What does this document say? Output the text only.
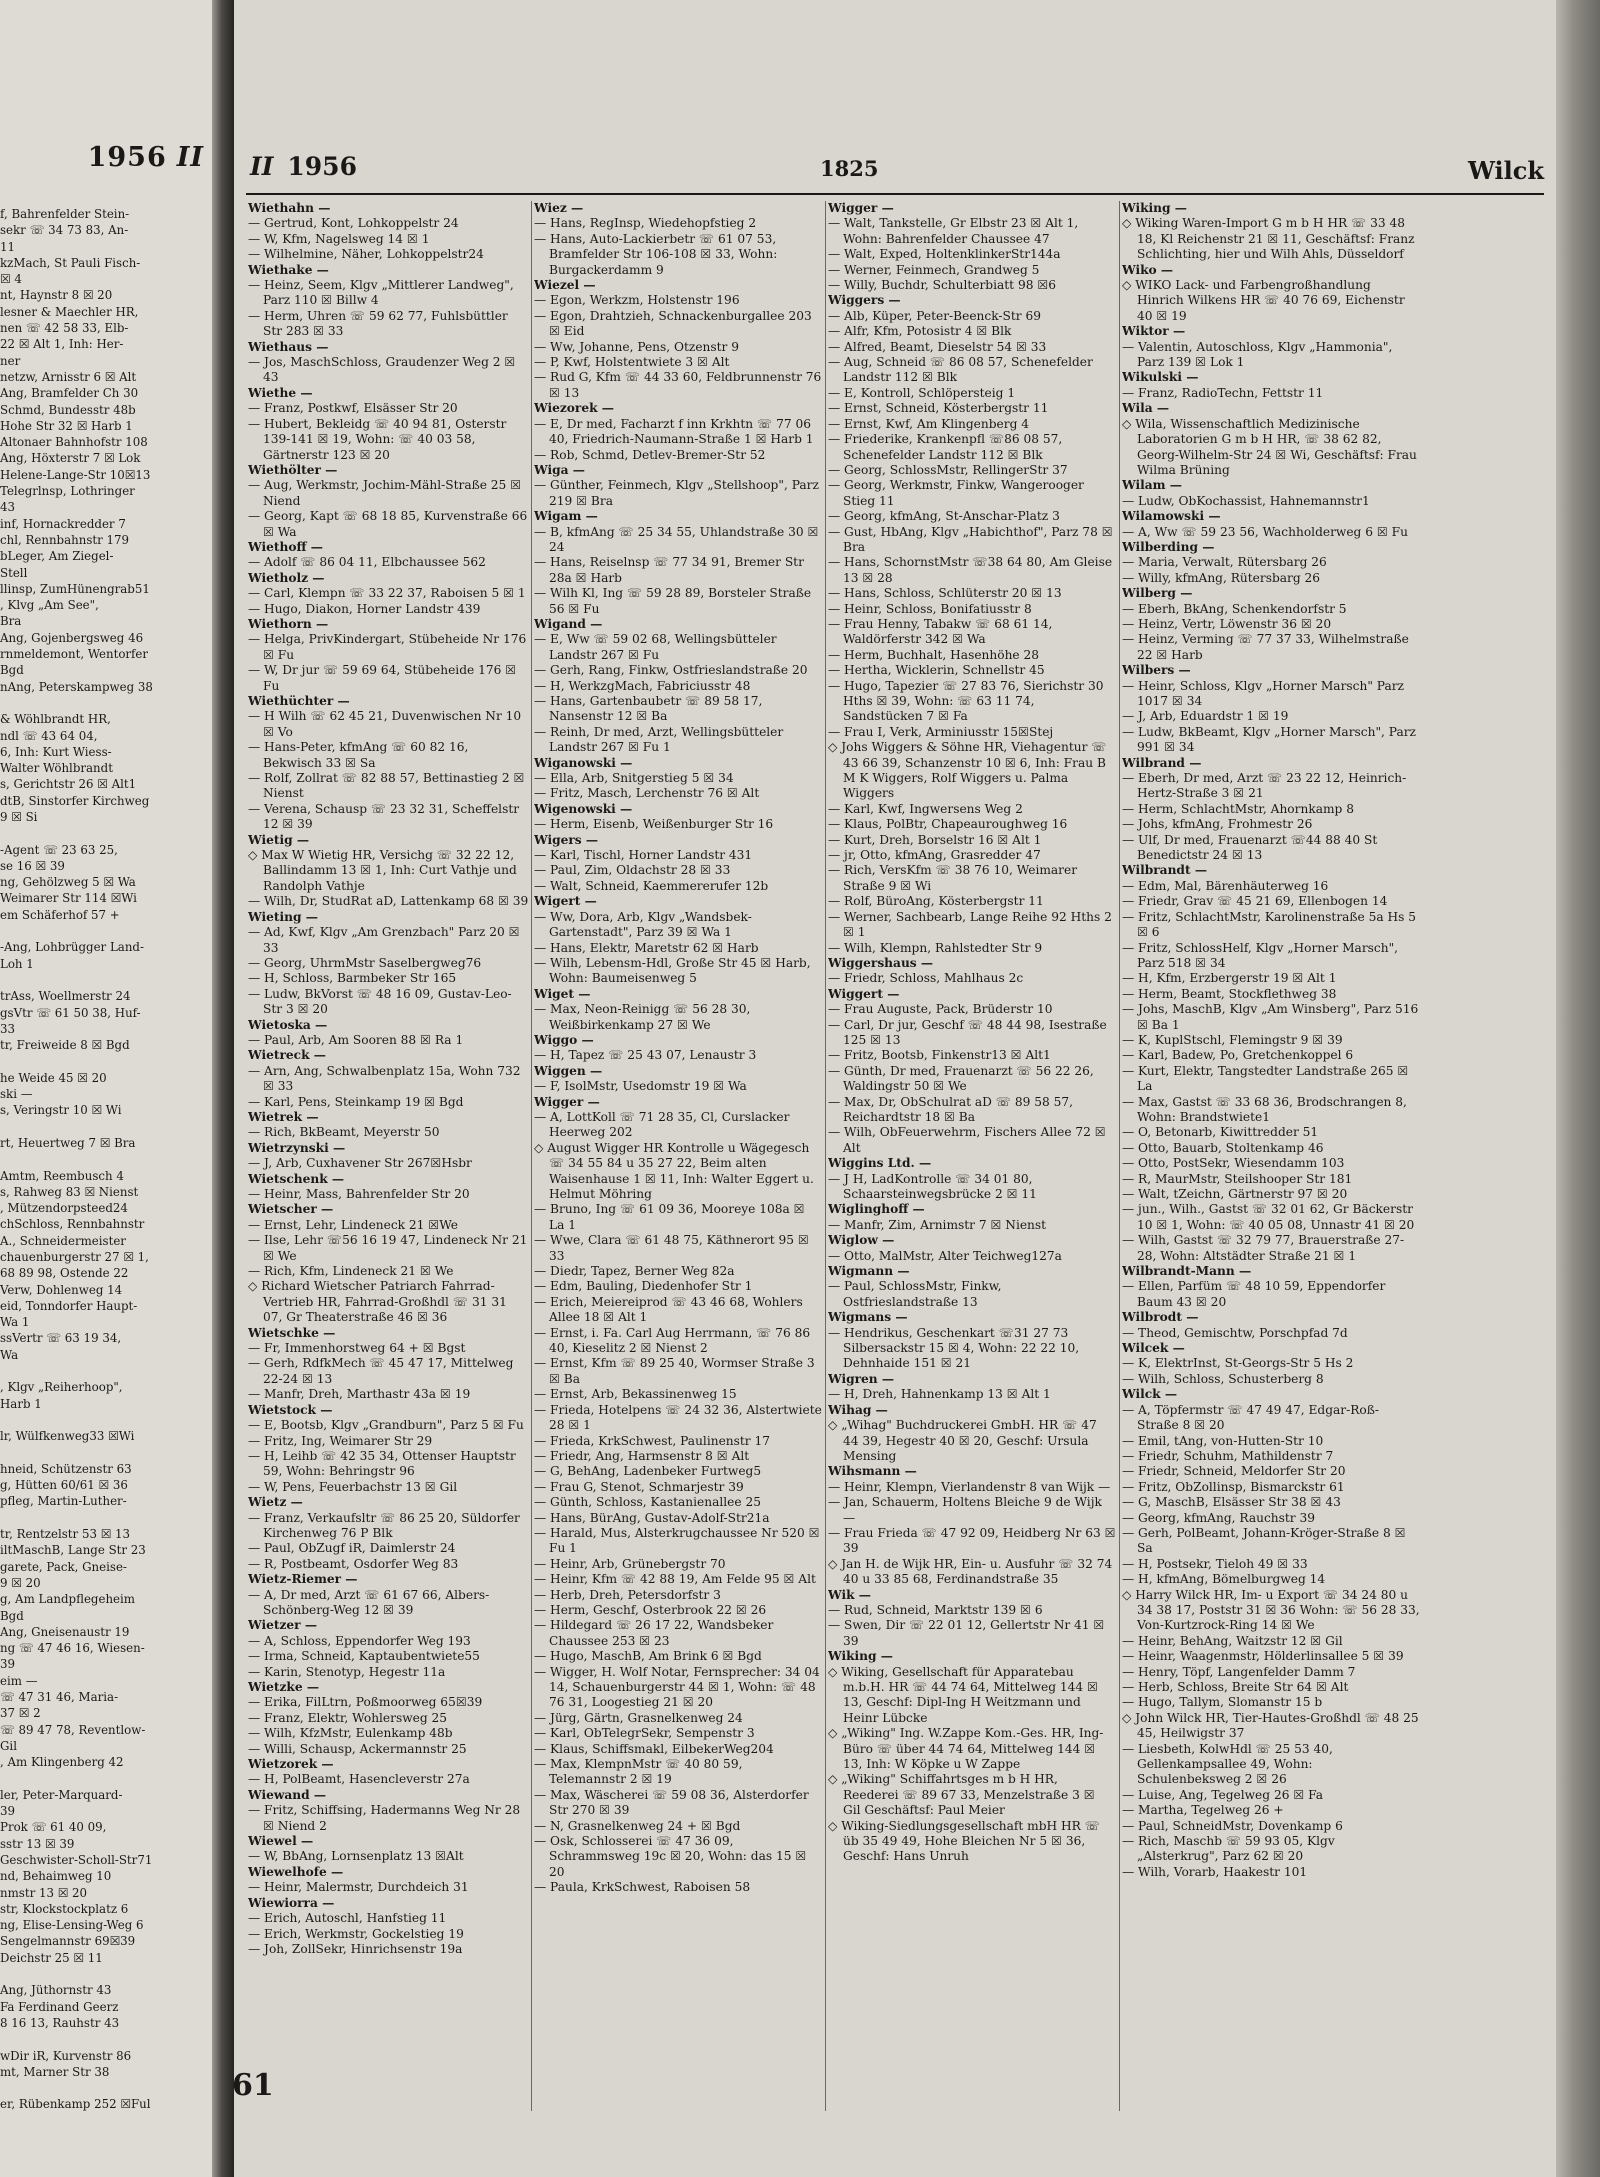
1956 II
f, Bahrenfelder Stein-
sekr ☏ 34 73 83, An-
11
kzMach, St Pauli Fisch-
☒ 4
nt, Haynstr 8 ☒ 20
lesner & Maechler HR,
nen ☏ 42 58 33, Elb-
22 ☒ Alt 1, Inh: Her-
ner
netzw, Arnisstr 6 ☒ Alt
Ang, Bramfelder Ch 30
Schmd, Bundesstr 48b
Hohe Str 32 ☒ Harb 1
Altonaer Bahnhofstr 108
Ang, Höxterstr 7 ☒ Lok
Helene-Lange-Str 10☒13
Telegrlnsp, Lothringer
43
inf, Hornackredder 7
chl, Rennbahnstr 179
bLeger, Am Ziegel-
Stell
llinsp, ZumHünengrab51
, Klvg „Am See",
Bra
Ang, Gojenbergsweg 46
rnmeldemont, Wentorfer
Bgd
nAng, Peterskampweg 38

& Wöhlbrandt HR,
ndl ☏ 43 64 04,
6, Inh: Kurt Wiess-
Walter Wöhlbrandt
s, Gerichtstr 26 ☒ Alt1
dtB, Sinstorfer Kirchweg
9 ☒ Si

-Agent ☏ 23 63 25,
se 16 ☒ 39
ng, Gehölzweg 5 ☒ Wa
Weimarer Str 114 ☒Wi
em Schäferhof 57 +

-Ang, Lohbrügger Land-
Loh 1

trAss, Woellmerstr 24
gsVtr ☏ 61 50 38, Huf-
33
tr, Freiweide 8 ☒ Bgd

he Weide 45 ☒ 20
ski —
s, Veringstr 10 ☒ Wi

rt, Heuertweg 7 ☒ Bra

Amtm, Reembusch 4
s, Rahweg 83 ☒ Nienst
, Mützendorpsteed24
chSchloss, Rennbahnstr
A., Schneidermeister
chauenburgerstr 27 ☒ 1,
68 89 98, Ostende 22
Verw, Dohlenweg 14
eid, Tonndorfer Haupt-
Wa 1
ssVertr ☏ 63 19 34,
Wa

, Klgv „Reiherhoop",
Harb 1

lr, Wülfkenweg33 ☒Wi

hneid, Schützenstr 63
g, Hütten 60/61 ☒ 36
pfleg, Martin-Luther-

tr, Rentzelstr 53 ☒ 13
iltMaschB, Lange Str 23
garete, Pack, Gneise-
9 ☒ 20
g, Am Landpflegeheim
Bgd
Ang, Gneisenaustr 19
ng ☏ 47 46 16, Wiesen-
39
eim —
☏ 47 31 46, Maria-
37 ☒ 2
☏ 89 47 78, Reventlow-
Gil
, Am Klingenberg 42

ler, Peter-Marquard-
39
Prok ☏ 61 40 09,
sstr 13 ☒ 39
Geschwister-Scholl-Str71
nd, Behaimweg 10
nmstr 13 ☒ 20
str, Klockstockplatz 6
ng, Elise-Lensing-Weg 6
Sengelmannstr 69☒39
Deichstr 25 ☒ 11

Ang, Jüthornstr 43
Fa Ferdinand Geerz
8 16 13, Rauhstr 43

wDir iR, Kurvenstr 86
mt, Marner Str 38

er, Rübenkamp 252 ☒Ful
II 1956	1825	Wilck
Wiethahn —
— Gertrud, Kont, Lohkoppelstr 24
— W, Kfm, Nagelsweg 14 ☒ 1
— Wilhelmine, Näher, Lohkoppelstr24
Wiethake —
— Heinz, Seem, Klgv „Mittlerer Landweg", Parz 110 ☒ Billw 4
— Herm, Uhren ☏ 59 62 77, Fuhlsbüttler Str 283 ☒ 33
Wiethaus —
— Jos, MaschSchloss, Graudenzer Weg 2 ☒ 43
Wiethe —
— Franz, Postkwf, Elsässer Str 20
— Hubert, Bekleidg ☏ 40 94 81, Osterstr 139-141 ☒ 19, Wohn: ☏ 40 03 58, Gärtnerstr 123 ☒ 20
Wiethölter —
— Aug, Werkmstr, Jochim-Mähl-Straße 25 ☒ Niend
— Georg, Kapt ☏ 68 18 85, Kurvenstraße 66 ☒ Wa
Wiethoff —
— Adolf ☏ 86 04 11, Elbchaussee 562
Wietholz —
— Carl, Klempn ☏ 33 22 37, Raboisen 5 ☒ 1
— Hugo, Diakon, Horner Landstr 439
Wiethorn —
— Helga, PrivKindergart, Stübeheide Nr 176 ☒ Fu
— W, Dr jur ☏ 59 69 64, Stübeheide 176 ☒ Fu
Wiethüchter —
— H Wilh ☏ 62 45 21, Duvenwischen Nr 10 ☒ Vo
— Hans-Peter, kfmAng ☏ 60 82 16, Bekwisch 33 ☒ Sa
— Rolf, Zollrat ☏ 82 88 57, Bettinastieg 2 ☒ Nienst
— Verena, Schausp ☏ 23 32 31, Scheffelstr 12 ☒ 39
Wietig —
◇ Max W Wietig HR, Versichg ☏ 32 22 12, Ballindamm 13 ☒ 1, Inh: Curt Vathje und Randolph Vathje
— Wilh, Dr, StudRat aD, Lattenkamp 68 ☒ 39
Wieting —
— Ad, Kwf, Klgv „Am Grenzbach" Parz 20 ☒ 33
— Georg, UhrmMstr Saselbergweg76
— H, Schloss, Barmbeker Str 165
— Ludw, BkVorst ☏ 48 16 09, Gustav-Leo-Str 3 ☒ 20
Wietoska —
— Paul, Arb, Am Sooren 88 ☒ Ra 1
Wietreck —
— Arn, Ang, Schwalbenplatz 15a, Wohn 732 ☒ 33
— Karl, Pens, Steinkamp 19 ☒ Bgd
Wietrek —
— Rich, BkBeamt, Meyerstr 50
Wietrzynski —
— J, Arb, Cuxhavener Str 267☒Hsbr
Wietschenk —
— Heinr, Mass, Bahrenfelder Str 20
Wietscher —
— Ernst, Lehr, Lindeneck 21 ☒We
— Ilse, Lehr ☏56 16 19 47, Lindeneck Nr 21 ☒ We
— Rich, Kfm, Lindeneck 21 ☒ We
◇ Richard Wietscher Patriarch Fahrrad-Vertrieb HR, Fahrrad-Großhdl ☏ 31 31 07, Gr Theaterstraße 46 ☒ 36
Wietschke —
— Fr, Immenhorstweg 64 + ☒ Bgst
— Gerh, RdfkMech ☏ 45 47 17, Mittelweg 22-24 ☒ 13
— Manfr, Dreh, Marthastr 43a ☒ 19
Wietstock —
— E, Bootsb, Klgv „Grandburn", Parz 5 ☒ Fu
— Fritz, Ing, Weimarer Str 29
— H, Leihb ☏ 42 35 34, Ottenser Hauptstr 59, Wohn: Behringstr 96
— W, Pens, Feuerbachstr 13 ☒ Gil
Wietz —
— Franz, Verkaufsltr ☏ 86 25 20, Süldorfer Kirchenweg 76 P Blk
— Paul, ObZugf iR, Daimlerstr 24
— R, Postbeamt, Osdorfer Weg 83
Wietz-Riemer —
— A, Dr med, Arzt ☏ 61 67 66, Albers-Schönberg-Weg 12 ☒ 39
Wietzer —
— A, Schloss, Eppendorfer Weg 193
— Irma, Schneid, Kaptaubentwiete55
— Karin, Stenotyp, Hegestr 11a
Wietzke —
— Erika, FilLtrn, Poßmoorweg 65☒39
— Franz, Elektr, Wohlersweg 25
— Wilh, KfzMstr, Eulenkamp 48b
— Willi, Schausp, Ackermannstr 25
Wietzorek —
— H, PolBeamt, Hasencleverstr 27a
Wiewand —
— Fritz, Schiffsing, Hadermanns Weg Nr 28 ☒ Niend 2
Wiewel —
— W, BbAng, Lornsenplatz 13 ☒Alt
Wiewelhofe —
— Heinr, Malermstr, Durchdeich 31
Wiewiorra —
— Erich, Autoschl, Hanfstieg 11
— Erich, Werkmstr, Gockelstieg 19
— Joh, ZollSekr, Hinrichsenstr 19a
Wiez —
— Hans, RegInsp, Wiedehopfstieg 2
— Hans, Auto-Lackierbetr ☏ 61 07 53, Bramfelder Str 106-108 ☒ 33, Wohn: Burgackerdamm 9
Wiezel —
— Egon, Werkzm, Holstenstr 196
— Egon, Drahtzieh, Schnackenburgallee 203 ☒ Eid
— Ww, Johanne, Pens, Otzenstr 9
— P, Kwf, Holstentwiete 3 ☒ Alt
— Rud G, Kfm ☏ 44 33 60, Feldbrunnenstr 76 ☒ 13
Wiezorek —
— E, Dr med, Facharzt f inn Krkhtn ☏ 77 06 40, Friedrich-Naumann-Straße 1 ☒ Harb 1
— Rob, Schmd, Detlev-Bremer-Str 52
Wiga —
— Günther, Feinmech, Klgv „Stellshoop", Parz 219 ☒ Bra
Wigam —
— B, kfmAng ☏ 25 34 55, Uhlandstraße 30 ☒ 24
— Hans, Reiselnsp ☏ 77 34 91, Bremer Str 28a ☒ Harb
— Wilh Kl, Ing ☏ 59 28 89, Borsteler Straße 56 ☒ Fu
Wigand —
— E, Ww ☏ 59 02 68, Wellingsbütteler Landstr 267 ☒ Fu
— Gerh, Rang, Finkw, Ostfrieslandstraße 20
— H, WerkzgMach, Fabriciusstr 48
— Hans, Gartenbaubetr ☏ 89 58 17, Nansenstr 12 ☒ Ba
— Reinh, Dr med, Arzt, Wellingsbütteler Landstr 267 ☒ Fu 1
Wiganowski —
— Ella, Arb, Snitgerstieg 5 ☒ 34
— Fritz, Masch, Lerchenstr 76 ☒ Alt
Wigenowski —
— Herm, Eisenb, Weißenburger Str 16
Wigers —
— Karl, Tischl, Horner Landstr 431
— Paul, Zim, Oldachstr 28 ☒ 33
— Walt, Schneid, Kaemmererufer 12b
Wigert —
— Ww, Dora, Arb, Klgv „Wandsbek-Gartenstadt", Parz 39 ☒ Wa 1
— Hans, Elektr, Maretstr 62 ☒ Harb
— Wilh, Lebensm-Hdl, Große Str 45 ☒ Harb, Wohn: Baumeisenweg 5
Wiget —
— Max, Neon-Reinigg ☏ 56 28 30, Weißbirkenkamp 27 ☒ We
Wiggo —
— H, Tapez ☏ 25 43 07, Lenaustr 3
Wiggen —
— F, IsolMstr, Usedomstr 19 ☒ Wa
Wigger —
— A, LottKoll ☏ 71 28 35, Cl, Curslacker Heerweg 202
◇ August Wigger HR Kontrolle u Wägegesch ☏ 34 55 84 u 35 27 22, Beim alten Waisenhause 1 ☒ 11, Inh: Walter Eggert u. Helmut Möhring
— Bruno, Ing ☏ 61 09 36, Mooreye 108a ☒ La 1
— Wwe, Clara ☏ 61 48 75, Käthnerort 95 ☒ 33
— Diedr, Tapez, Berner Weg 82a
— Edm, Bauling, Diedenhofer Str 1
— Erich, Meiereiprod ☏ 43 46 68, Wohlers Allee 18 ☒ Alt 1
— Ernst, i. Fa. Carl Aug Herrmann, ☏ 76 86 40, Kieselitz 2 ☒ Nienst 2
— Ernst, Kfm ☏ 89 25 40, Wormser Straße 3 ☒ Ba
— Ernst, Arb, Bekassinenweg 15
— Frieda, Hotelpens ☏ 24 32 36, Alstertwiete 28 ☒ 1
— Frieda, KrkSchwest, Paulinenstr 17
— Friedr, Ang, Harmsenstr 8 ☒ Alt
— G, BehAng, Ladenbeker Furtweg5
— Frau G, Stenot, Schmarjestr 39
— Günth, Schloss, Kastanienallee 25
— Hans, BürAng, Gustav-Adolf-Str21a
— Harald, Mus, Alsterkrugchaussee Nr 520 ☒ Fu 1
— Heinr, Arb, Grünebergstr 70
— Heinr, Kfm ☏ 42 88 19, Am Felde 95 ☒ Alt
— Herb, Dreh, Petersdorfstr 3
— Herm, Geschf, Osterbrook 22 ☒ 26
— Hildegard ☏ 26 17 22, Wandsbeker Chaussee 253 ☒ 23
— Hugo, MaschB, Am Brink 6 ☒ Bgd
— Wigger, H. Wolf Notar, Fernsprecher: 34 04 14, Schauenburgerstr 44 ☒ 1, Wohn: ☏ 48 76 31, Loogestieg 21 ☒ 20
— Jürg, Gärtn, Grasnelkenweg 24
— Karl, ObTelegrSekr, Sempenstr 3
— Klaus, Schiffsmakl, EilbekerWeg204
— Max, KlempnMstr ☏ 40 80 59, Telemannstr 2 ☒ 19
— Max, Wäscherei ☏ 59 08 36, Alsterdorfer Str 270 ☒ 39
— N, Grasnelkenweg 24 + ☒ Bgd
— Osk, Schlosserei ☏ 47 36 09, Schrammsweg 19c ☒ 20, Wohn: das 15 ☒ 20
— Paula, KrkSchwest, Raboisen 58
Wigger —
— Walt, Tankstelle, Gr Elbstr 23 ☒ Alt 1, Wohn: Bahrenfelder Chaussee 47
— Walt, Exped, HoltenklinkerStr144a
— Werner, Feinmech, Grandweg 5
— Willy, Buchdr, Schulterbiatt 98 ☒6
Wiggers —
— Alb, Küper, Peter-Beenck-Str 69
— Alfr, Kfm, Potosistr 4 ☒ Blk
— Alfred, Beamt, Dieselstr 54 ☒ 33
— Aug, Schneid ☏ 86 08 57, Schenefelder Landstr 112 ☒ Blk
— E, Kontroll, Schlöpersteig 1
— Ernst, Schneid, Kösterbergstr 11
— Ernst, Kwf, Am Klingenberg 4
— Friederike, Krankenpfl ☏86 08 57, Schenefelder Landstr 112 ☒ Blk
— Georg, SchlossMstr, RellingerStr 37
— Georg, Werkmstr, Finkw, Wangerooger Stieg 11
— Georg, kfmAng, St-Anschar-Platz 3
— Gust, HbAng, Klgv „Habichthof", Parz 78 ☒ Bra
— Hans, SchornstMstr ☏38 64 80, Am Gleise 13 ☒ 28
— Hans, Schloss, Schlüterstr 20 ☒ 13
— Heinr, Schloss, Bonifatiusstr 8
— Frau Henny, Tabakw ☏ 68 61 14, Waldörferstr 342 ☒ Wa
— Herm, Buchhalt, Hasenhöhe 28
— Hertha, Wicklerin, Schnellstr 45
— Hugo, Tapezier ☏ 27 83 76, Sierichstr 30 Hths ☒ 39, Wohn: ☏ 63 11 74, Sandstücken 7 ☒ Fa
— Frau I, Verk, Arminiusstr 15☒Stej
◇ Johs Wiggers & Söhne HR, Viehagentur ☏ 43 66 39, Schanzenstr 10 ☒ 6, Inh: Frau B M K Wiggers, Rolf Wiggers u. Palma Wiggers
— Karl, Kwf, Ingwersens Weg 2
— Klaus, PolBtr, Chapeauroughweg 16
— Kurt, Dreh, Borselstr 16 ☒ Alt 1
— jr, Otto, kfmAng, Grasredder 47
— Rich, VersKfm ☏ 38 76 10, Weimarer Straße 9 ☒ Wi
— Rolf, BüroAng, Kösterbergstr 11
— Werner, Sachbearb, Lange Reihe 92 Hths 2 ☒ 1
— Wilh, Klempn, Rahlstedter Str 9
Wiggershaus —
— Friedr, Schloss, Mahlhaus 2c
Wiggert —
— Frau Auguste, Pack, Brüderstr 10
— Carl, Dr jur, Geschf ☏ 48 44 98, Isestraße 125 ☒ 13
— Fritz, Bootsb, Finkenstr13 ☒ Alt1
— Günth, Dr med, Frauenarzt ☏ 56 22 26, Waldingstr 50 ☒ We
— Max, Dr, ObSchulrat aD ☏ 89 58 57, Reichardtstr 18 ☒ Ba
— Wilh, ObFeuerwehrm, Fischers Allee 72 ☒ Alt
Wiggins Ltd. —
— J H, LadKontrolle ☏ 34 01 80, Schaarsteinwegsbrücke 2 ☒ 11
Wiglinghoff —
— Manfr, Zim, Arnimstr 7 ☒ Nienst
Wiglow —
— Otto, MalMstr, Alter Teichweg127a
Wigmann —
— Paul, SchlossMstr, Finkw, Ostfrieslandstraße 13
Wigmans —
— Hendrikus, Geschenkart ☏31 27 73 Silbersackstr 15 ☒ 4, Wohn: 22 22 10, Dehnhaide 151 ☒ 21
Wigren —
— H, Dreh, Hahnenkamp 13 ☒ Alt 1
Wihag —
◇ „Wihag" Buchdruckerei GmbH. HR ☏ 47 44 39, Hegestr 40 ☒ 20, Geschf: Ursula Mensing
Wihsmann —
— Heinr, Klempn, Vierlandenstr 8 van Wijk —
— Jan, Schauerm, Holtens Bleiche 9 de Wijk —
— Frau Frieda ☏ 47 92 09, Heidberg Nr 63 ☒ 39
◇ Jan H. de Wijk HR, Ein- u. Ausfuhr ☏ 32 74 40 u 33 85 68, Ferdinandstraße 35
Wik —
— Rud, Schneid, Marktstr 139 ☒ 6
— Swen, Dir ☏ 22 01 12, Gellertstr Nr 41 ☒ 39
Wiking —
◇ Wiking, Gesellschaft für Apparatebau m.b.H. HR ☏ 44 74 64, Mittelweg 144 ☒ 13, Geschf: Dipl-Ing H Weitzmann und Heinr Lübcke
◇ „Wiking" Ing. W.Zappe Kom.-Ges. HR, Ing-Büro ☏ über 44 74 64, Mittelweg 144 ☒ 13, Inh: W Köpke u W Zappe
◇ „Wiking" Schiffahrtsges m b H HR, Reederei ☏ 89 67 33, Menzelstraße 3 ☒ Gil Geschäftsf: Paul Meier
◇ Wiking-Siedlungsgesellschaft mbH HR ☏ üb 35 49 49, Hohe Bleichen Nr 5 ☒ 36, Geschf: Hans Unruh
Wiking —
◇ Wiking Waren-Import G m b H HR ☏ 33 48 18, Kl Reichenstr 21 ☒ 11, Geschäftsf: Franz Schlichting, hier und Wilh Ahls, Düsseldorf
Wiko —
◇ WIKO Lack- und Farbengroßhandlung Hinrich Wilkens HR ☏ 40 76 69, Eichenstr 40 ☒ 19
Wiktor —
— Valentin, Autoschloss, Klgv „Hammonia", Parz 139 ☒ Lok 1
Wikulski —
— Franz, RadioTechn, Fettstr 11
Wila —
◇ Wila, Wissenschaftlich Medizinische Laboratorien G m b H HR, ☏ 38 62 82, Georg-Wilhelm-Str 24 ☒ Wi, Geschäftsf: Frau Wilma Brüning
Wilam —
— Ludw, ObKochassist, Hahnemannstr1
Wilamowski —
— A, Ww ☏ 59 23 56, Wachholderweg 6 ☒ Fu
Wilberding —
— Maria, Verwalt, Rütersbarg 26
— Willy, kfmAng, Rütersbarg 26
Wilberg —
— Eberh, BkAng, Schenkendorfstr 5
— Heinz, Vertr, Löwenstr 36 ☒ 20
— Heinz, Verming ☏ 77 37 33, Wilhelmstraße 22 ☒ Harb
Wilbers —
— Heinr, Schloss, Klgv „Horner Marsch" Parz 1017 ☒ 34
— J, Arb, Eduardstr 1 ☒ 19
— Ludw, BkBeamt, Klgv „Horner Marsch", Parz 991 ☒ 34
Wilbrand —
— Eberh, Dr med, Arzt ☏ 23 22 12, Heinrich-Hertz-Straße 3 ☒ 21
— Herm, SchlachtMstr, Ahornkamp 8
— Johs, kfmAng, Frohmestr 26
— Ulf, Dr med, Frauenarzt ☏44 88 40 St Benedictstr 24 ☒ 13
Wilbrandt —
— Edm, Mal, Bärenhäuterweg 16
— Friedr, Grav ☏ 45 21 69, Ellenbogen 14
— Fritz, SchlachtMstr, Karolinenstraße 5a Hs 5 ☒ 6
— Fritz, SchlossHelf, Klgv „Horner Marsch", Parz 518 ☒ 34
— H, Kfm, Erzbergerstr 19 ☒ Alt 1
— Herm, Beamt, Stockflethweg 38
— Johs, MaschB, Klgv „Am Winsberg", Parz 516 ☒ Ba 1
— K, KuplStschl, Flemingstr 9 ☒ 39
— Karl, Badew, Po, Gretchenkoppel 6
— Kurt, Elektr, Tangstedter Landstraße 265 ☒ La
— Max, Gastst ☏ 33 68 36, Brodschrangen 8, Wohn: Brandstwiete1
— O, Betonarb, Kiwittredder 51
— Otto, Bauarb, Stoltenkamp 46
— Otto, PostSekr, Wiesendamm 103
— R, MaurMstr, Steilshooper Str 181
— Walt, tZeichn, Gärtnerstr 97 ☒ 20
— jun., Wilh., Gastst ☏ 32 01 62, Gr Bäckerstr 10 ☒ 1, Wohn: ☏ 40 05 08, Unnastr 41 ☒ 20
— Wilh, Gastst ☏ 32 79 77, Brauerstraße 27-28, Wohn: Altstädter Straße 21 ☒ 1
Wilbrandt-Mann —
— Ellen, Parfüm ☏ 48 10 59, Eppendorfer Baum 43 ☒ 20
Wilbrodt —
— Theod, Gemischtw, Porschpfad 7d
Wilcek —
— K, ElektrInst, St-Georgs-Str 5 Hs 2
— Wilh, Schloss, Schusterberg 8
Wilck —
— A, Töpfermstr ☏ 47 49 47, Edgar-Roß-Straße 8 ☒ 20
— Emil, tAng, von-Hutten-Str 10
— Friedr, Schuhm, Mathildenstr 7
— Friedr, Schneid, Meldorfer Str 20
— Fritz, ObZollinsp, Bismarckstr 61
— G, MaschB, Elsässer Str 38 ☒ 43
— Georg, kfmAng, Rauchstr 39
— Gerh, PolBeamt, Johann-Kröger-Straße 8 ☒ Sa
— H, Postsekr, Tieloh 49 ☒ 33
— H, kfmAng, Bömelburgweg 14
◇ Harry Wilck HR, Im- u Export ☏ 34 24 80 u 34 38 17, Poststr 31 ☒ 36 Wohn: ☏ 56 28 33, Von-Kurtzrock-Ring 14 ☒ We
— Heinr, BehAng, Waitzstr 12 ☒ Gil
— Heinr, Waagenmstr, Hölderlinsallee 5 ☒ 39
— Henry, Töpf, Langenfelder Damm 7
— Herb, Schloss, Breite Str 64 ☒ Alt
— Hugo, Tallym, Slomanstr 15 b
◇ John Wilck HR, Tier-Hautes-Großhdl ☏ 48 25 45, Heilwigstr 37
— Liesbeth, KolwHdl ☏ 25 53 40, Gellenkampsallee 49, Wohn: Schulenbeksweg 2 ☒ 26
— Luise, Ang, Tegelweg 26 ☒ Fa
— Martha, Tegelweg 26 +
— Paul, SchneidMstr, Dovenkamp 6
— Rich, Maschb ☏ 59 93 05, Klgv „Alsterkrug", Parz 62 ☒ 20
— Wilh, Vorarb, Haakestr 101
61
